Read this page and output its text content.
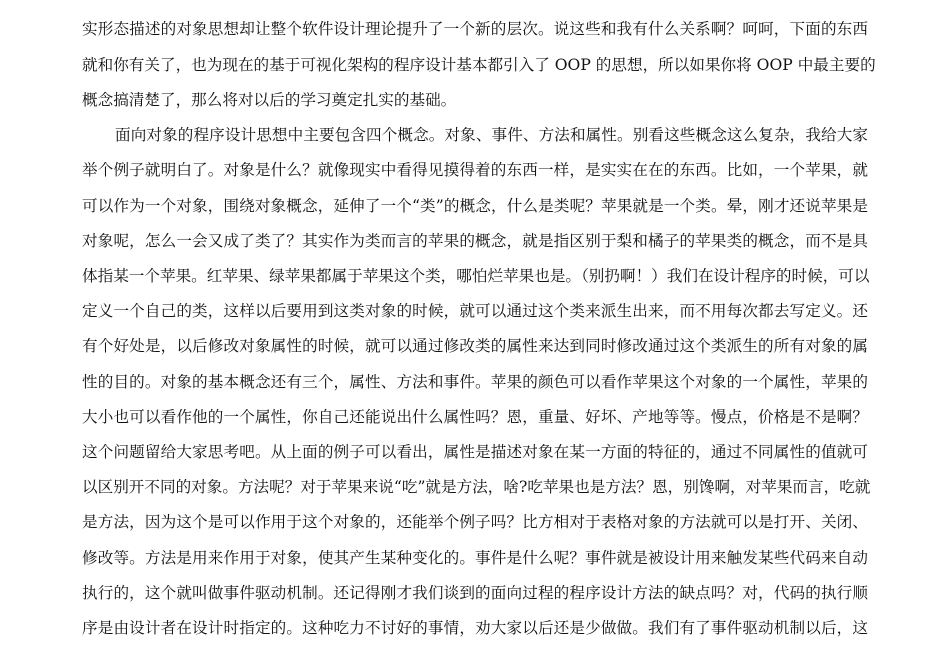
实形态描述的对象思想却让整个软件设计理论提升了一个新的层次。说这些和我有什么关系啊？呵呵，下面的东西

就和你有关了，也为现在的基于可视化架构的程序设计基本都引入了 OOP 的思想，所以如果你将 OOP 中最主要的

概念搞清楚了，那么将对以后的学习奠定扎实的基础。

面向对象的程序设计思想中主要包含四个概念。对象、事件、方法和属性。别看这些概念这么复杂，我给大家

举个例子就明白了。对象是什么？就像现实中看得见摸得着的东西一样，是实实在在的东西。比如，一个苹果，就

可以作为一个对象，围绕对象概念，延伸了一个“类”的概念，什么是类呢？苹果就是一个类。晕，刚才还说苹果是

对象呢，怎么一会又成了类了？其实作为类而言的苹果的概念，就是指区别于梨和橘子的苹果类的概念，而不是具

体指某一个苹果。红苹果、绿苹果都属于苹果这个类，哪怕烂苹果也是。（别扔啊！）我们在设计程序的时候，可以

定义一个自己的类，这样以后要用到这类对象的时候，就可以通过这个类来派生出来，而不用每次都去写定义。还

有个好处是，以后修改对象属性的时候，就可以通过修改类的属性来达到同时修改通过这个类派生的所有对象的属

性的目的。对象的基本概念还有三个，属性、方法和事件。苹果的颜色可以看作苹果这个对象的一个属性，苹果的

大小也可以看作他的一个属性，你自己还能说出什么属性吗？恩，重量、好坏、产地等等。慢点，价格是不是啊？

这个问题留给大家思考吧。从上面的例子可以看出，属性是描述对象在某一方面的特征的，通过不同属性的值就可

以区别开不同的对象。方法呢？对于苹果来说“吃”就是方法，啥?吃苹果也是方法？恩，别馋啊，对苹果而言，吃就

是方法，因为这个是可以作用于这个对象的，还能举个例子吗？比方相对于表格对象的方法就可以是打开、关闭、

修改等。方法是用来作用于对象，使其产生某种变化的。事件是什么呢？事件就是被设计用来触发某些代码来自动

执行的，这个就叫做事件驱动机制。还记得刚才我们谈到的面向过程的程序设计方法的缺点吗？对，代码的执行顺

序是由设计者在设计时指定的。这种吃力不讨好的事情，劝大家以后还是少做做。我们有了事件驱动机制以后，这
